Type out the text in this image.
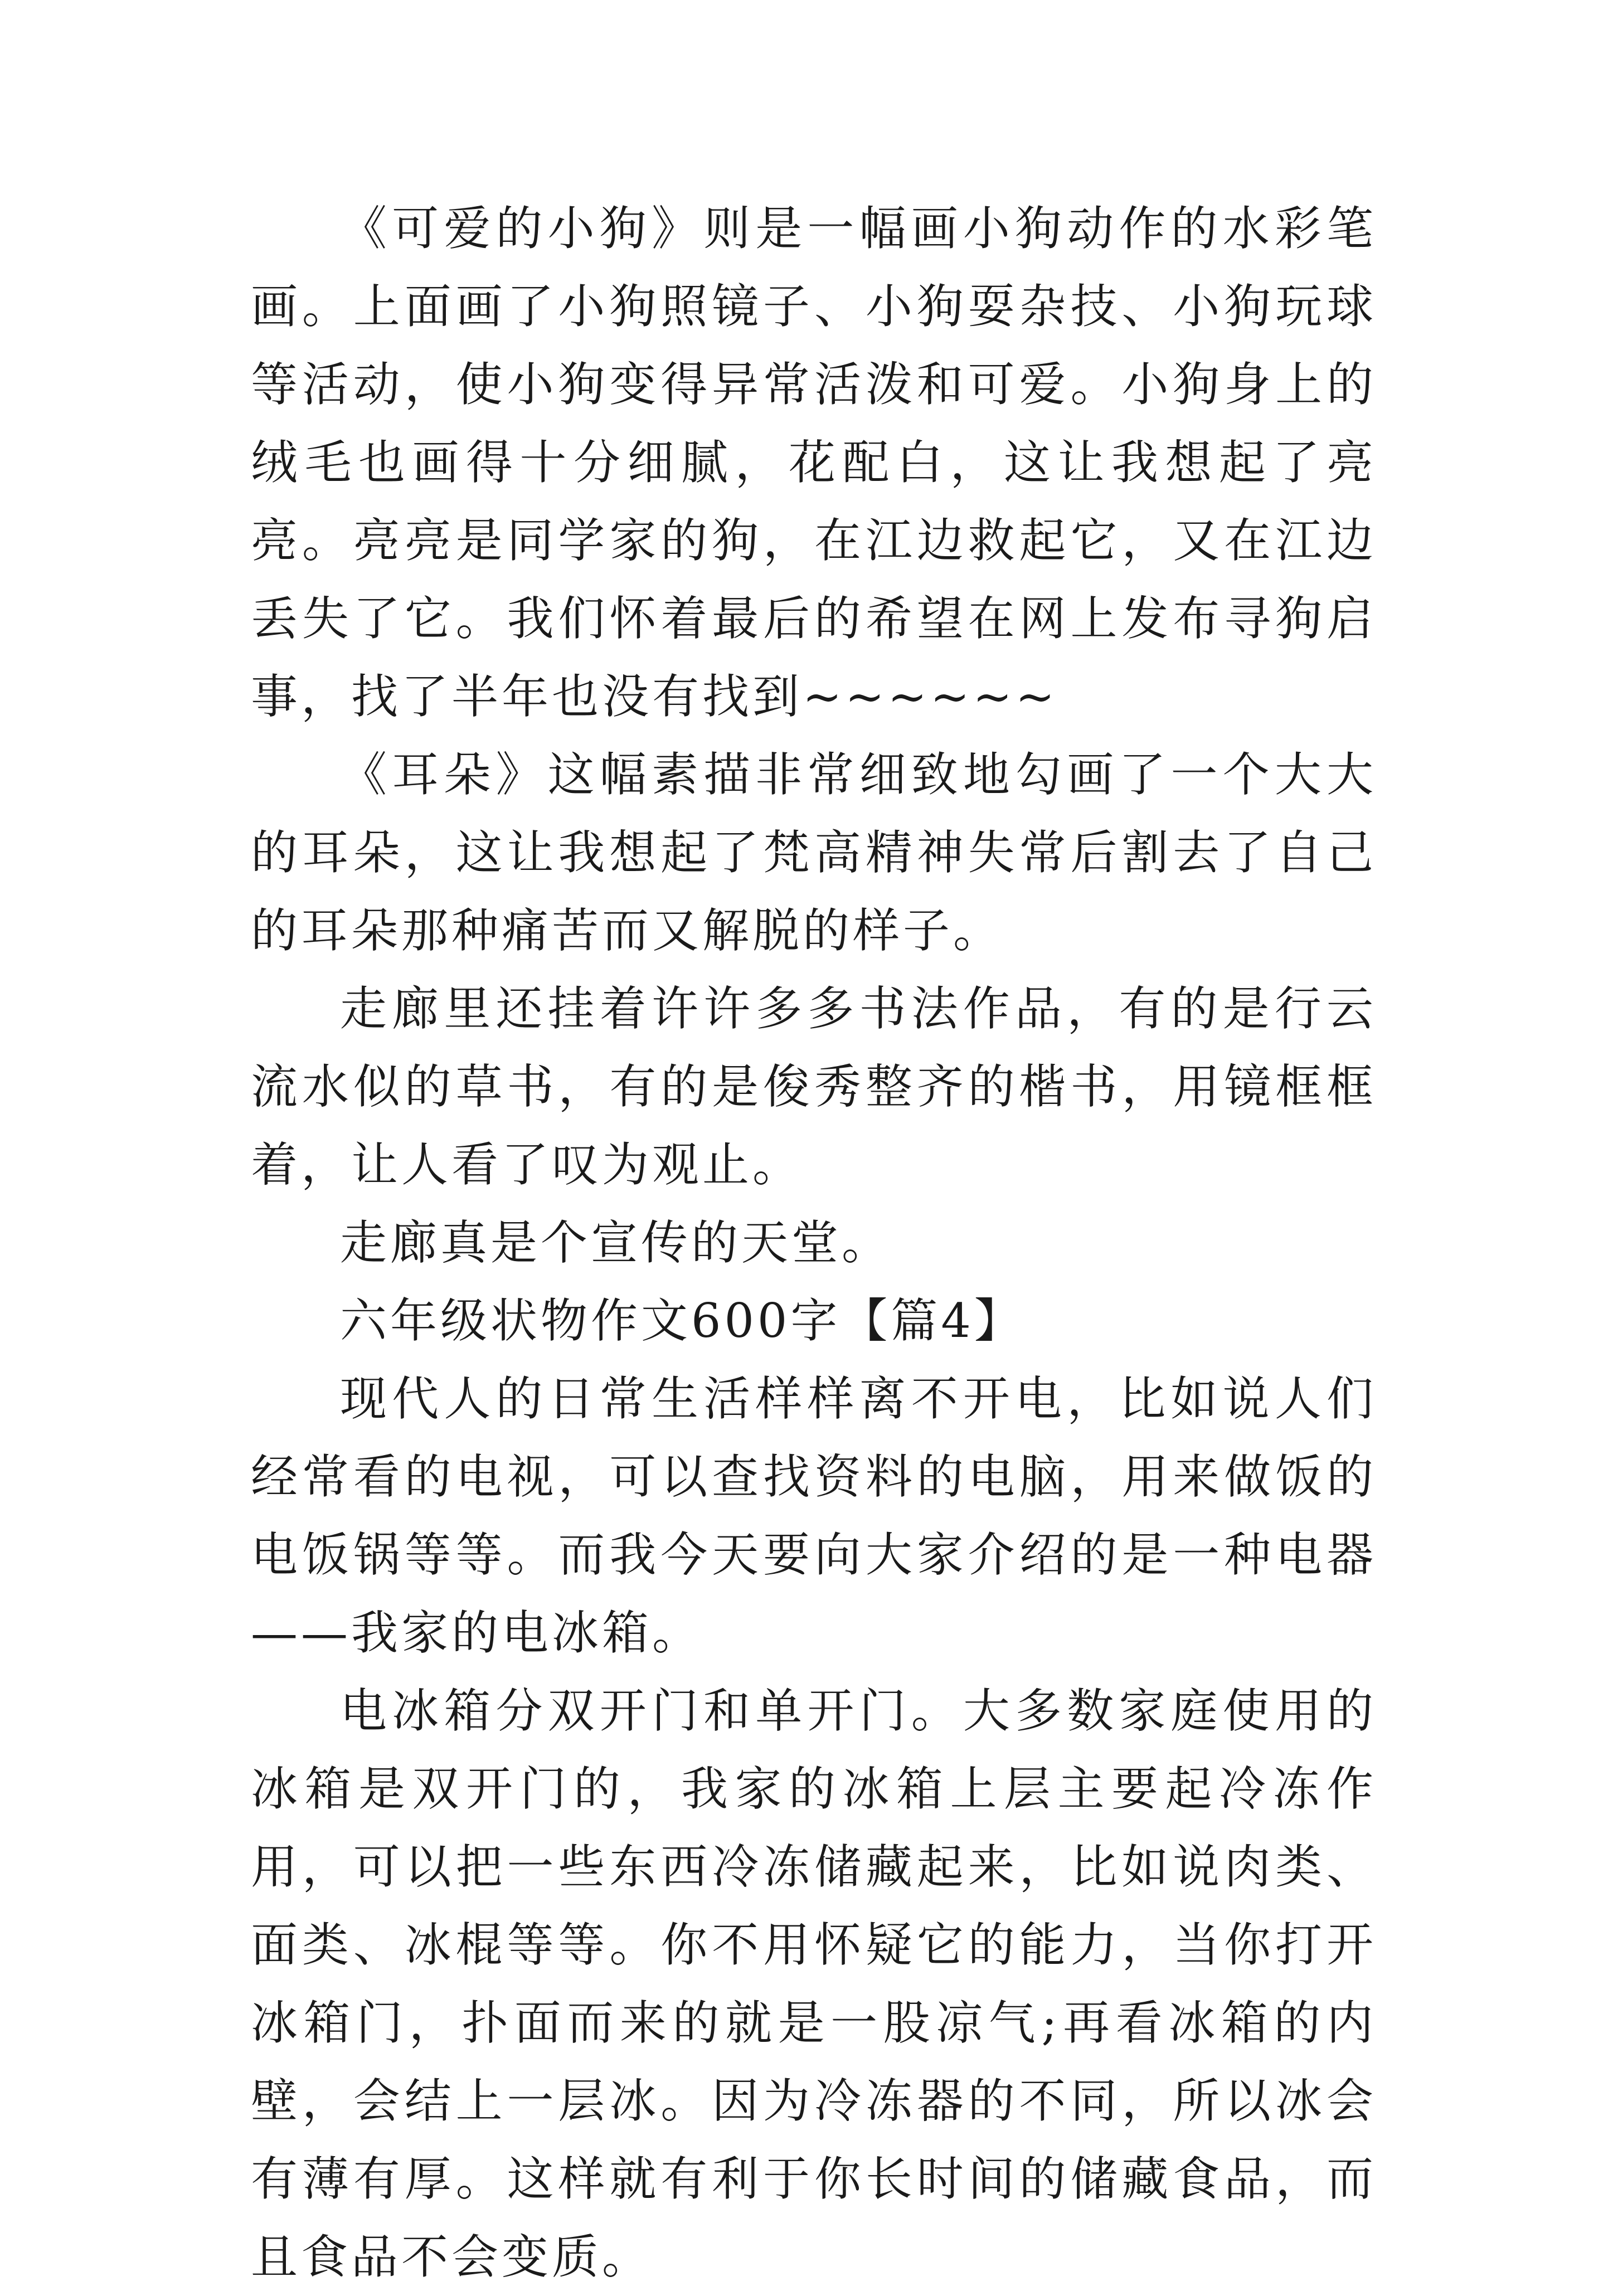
《可爱的小狗》则是一幅画小狗动作的水彩笔画。上面画了小狗照镜子、小狗耍杂技、小狗玩球等活动，使小狗变得异常活泼和可爱。小狗身上的绒毛也画得十分细腻，花配白，这让我想起了亮亮。亮亮是同学家的狗，在江边救起它，又在江边丢失了它。我们怀着最后的希望在网上发布寻狗启事，找了半年也没有找到~~~~~~

《耳朵》这幅素描非常细致地勾画了一个大大的耳朵，这让我想起了梵高精神失常后割去了自己的耳朵那种痛苦而又解脱的样子。

走廊里还挂着许许多多书法作品，有的是行云流水似的草书，有的是俊秀整齐的楷书，用镜框框着，让人看了叹为观止。

走廊真是个宣传的天堂。

六年级状物作文600字【篇4】

现代人的日常生活样样离不开电，比如说人们经常看的电视，可以查找资料的电脑，用来做饭的电饭锅等等。而我今天要向大家介绍的是一种电器——我家的电冰箱。

电冰箱分双开门和单开门。大多数家庭使用的冰箱是双开门的，我家的冰箱上层主要起冷冻作用，可以把一些东西冷冻储藏起来，比如说肉类、面类、冰棍等等。你不用怀疑它的能力，当你打开冰箱门，扑面而来的就是一股凉气;再看冰箱的内壁，会结上一层冰。因为冷冻器的不同，所以冰会有薄有厚。这样就有利于你长时间的储藏食品，而且食品不会变质。
